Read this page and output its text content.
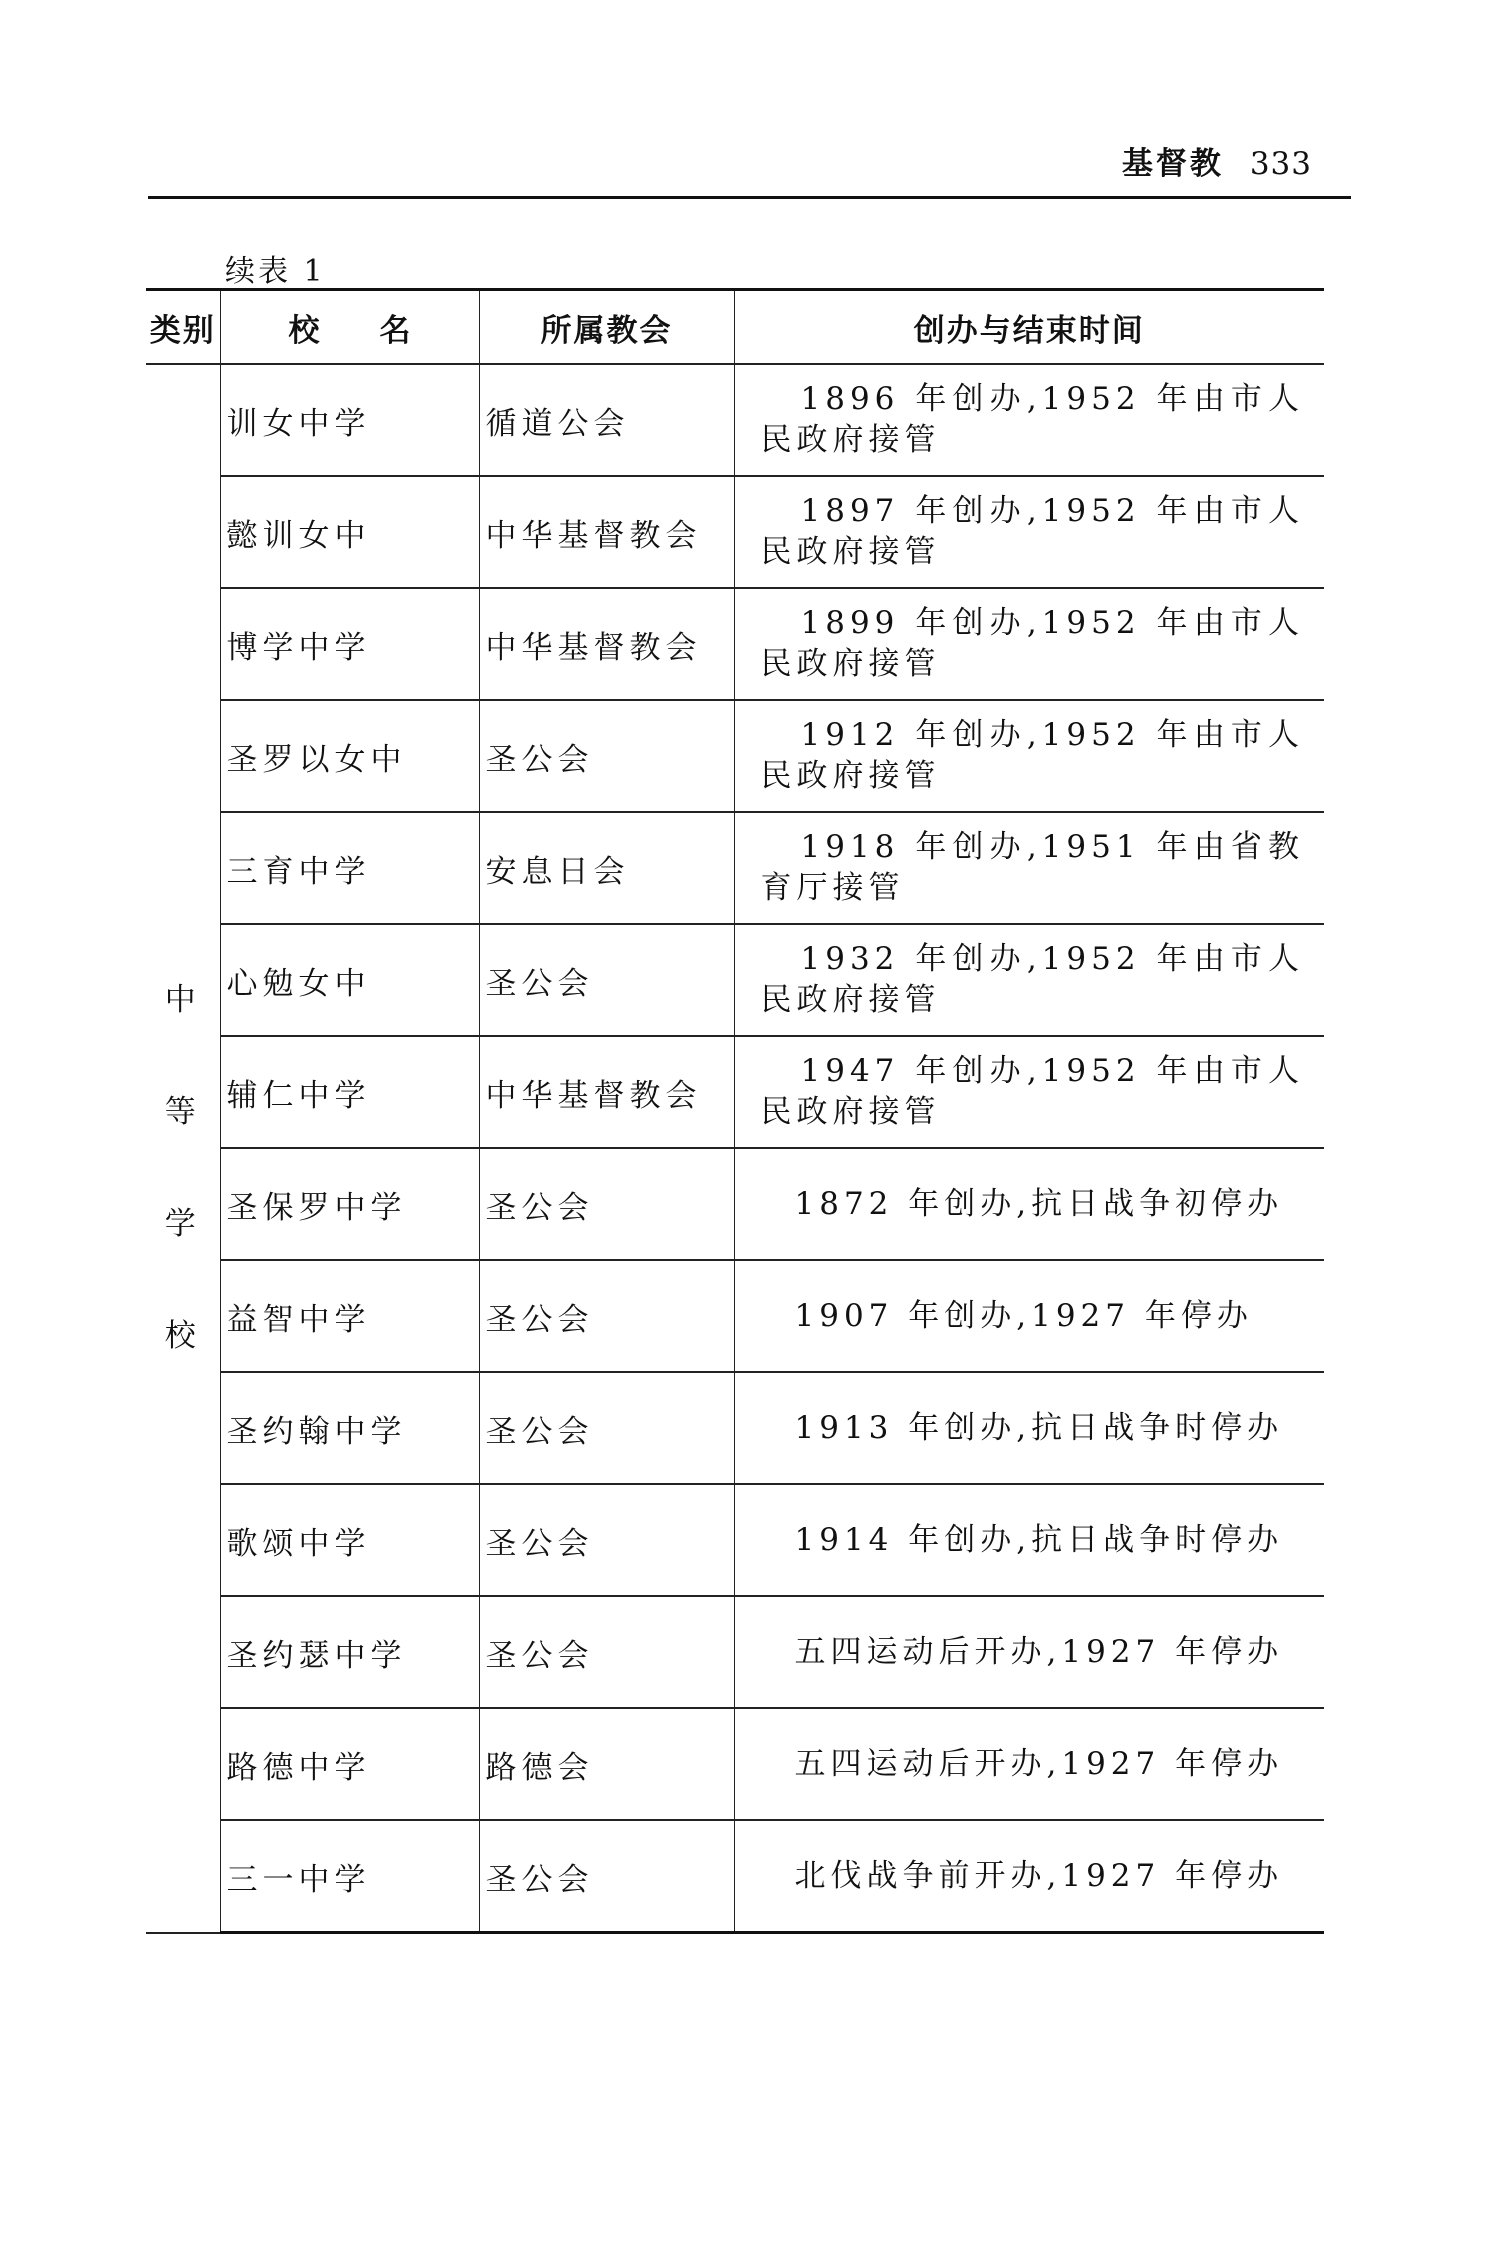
基督教 333
续表 1
类别	校名	所属教会	创办与结束时间

中
等
学
校	训女中学	循道公会	1896 年创办,1952 年由市人民政府接管
	懿训女中	中华基督教会	1897 年创办,1952 年由市人民政府接管
	博学中学	中华基督教会	1899 年创办,1952 年由市人民政府接管
	圣罗以女中	圣公会	1912 年创办,1952 年由市人民政府接管
	三育中学	安息日会	1918 年创办,1951 年由省教育厅接管
	心勉女中	圣公会	1932 年创办,1952 年由市人民政府接管
	辅仁中学	中华基督教会	1947 年创办,1952 年由市人民政府接管
	圣保罗中学	圣公会	1872 年创办,抗日战争初停办
	益智中学	圣公会	1907 年创办,1927 年停办
	圣约翰中学	圣公会	1913 年创办,抗日战争时停办
	歌颂中学	圣公会	1914 年创办,抗日战争时停办
	圣约瑟中学	圣公会	五四运动后开办,1927 年停办
	路德中学	路德会	五四运动后开办,1927 年停办
	三一中学	圣公会	北伐战争前开办,1927 年停办
